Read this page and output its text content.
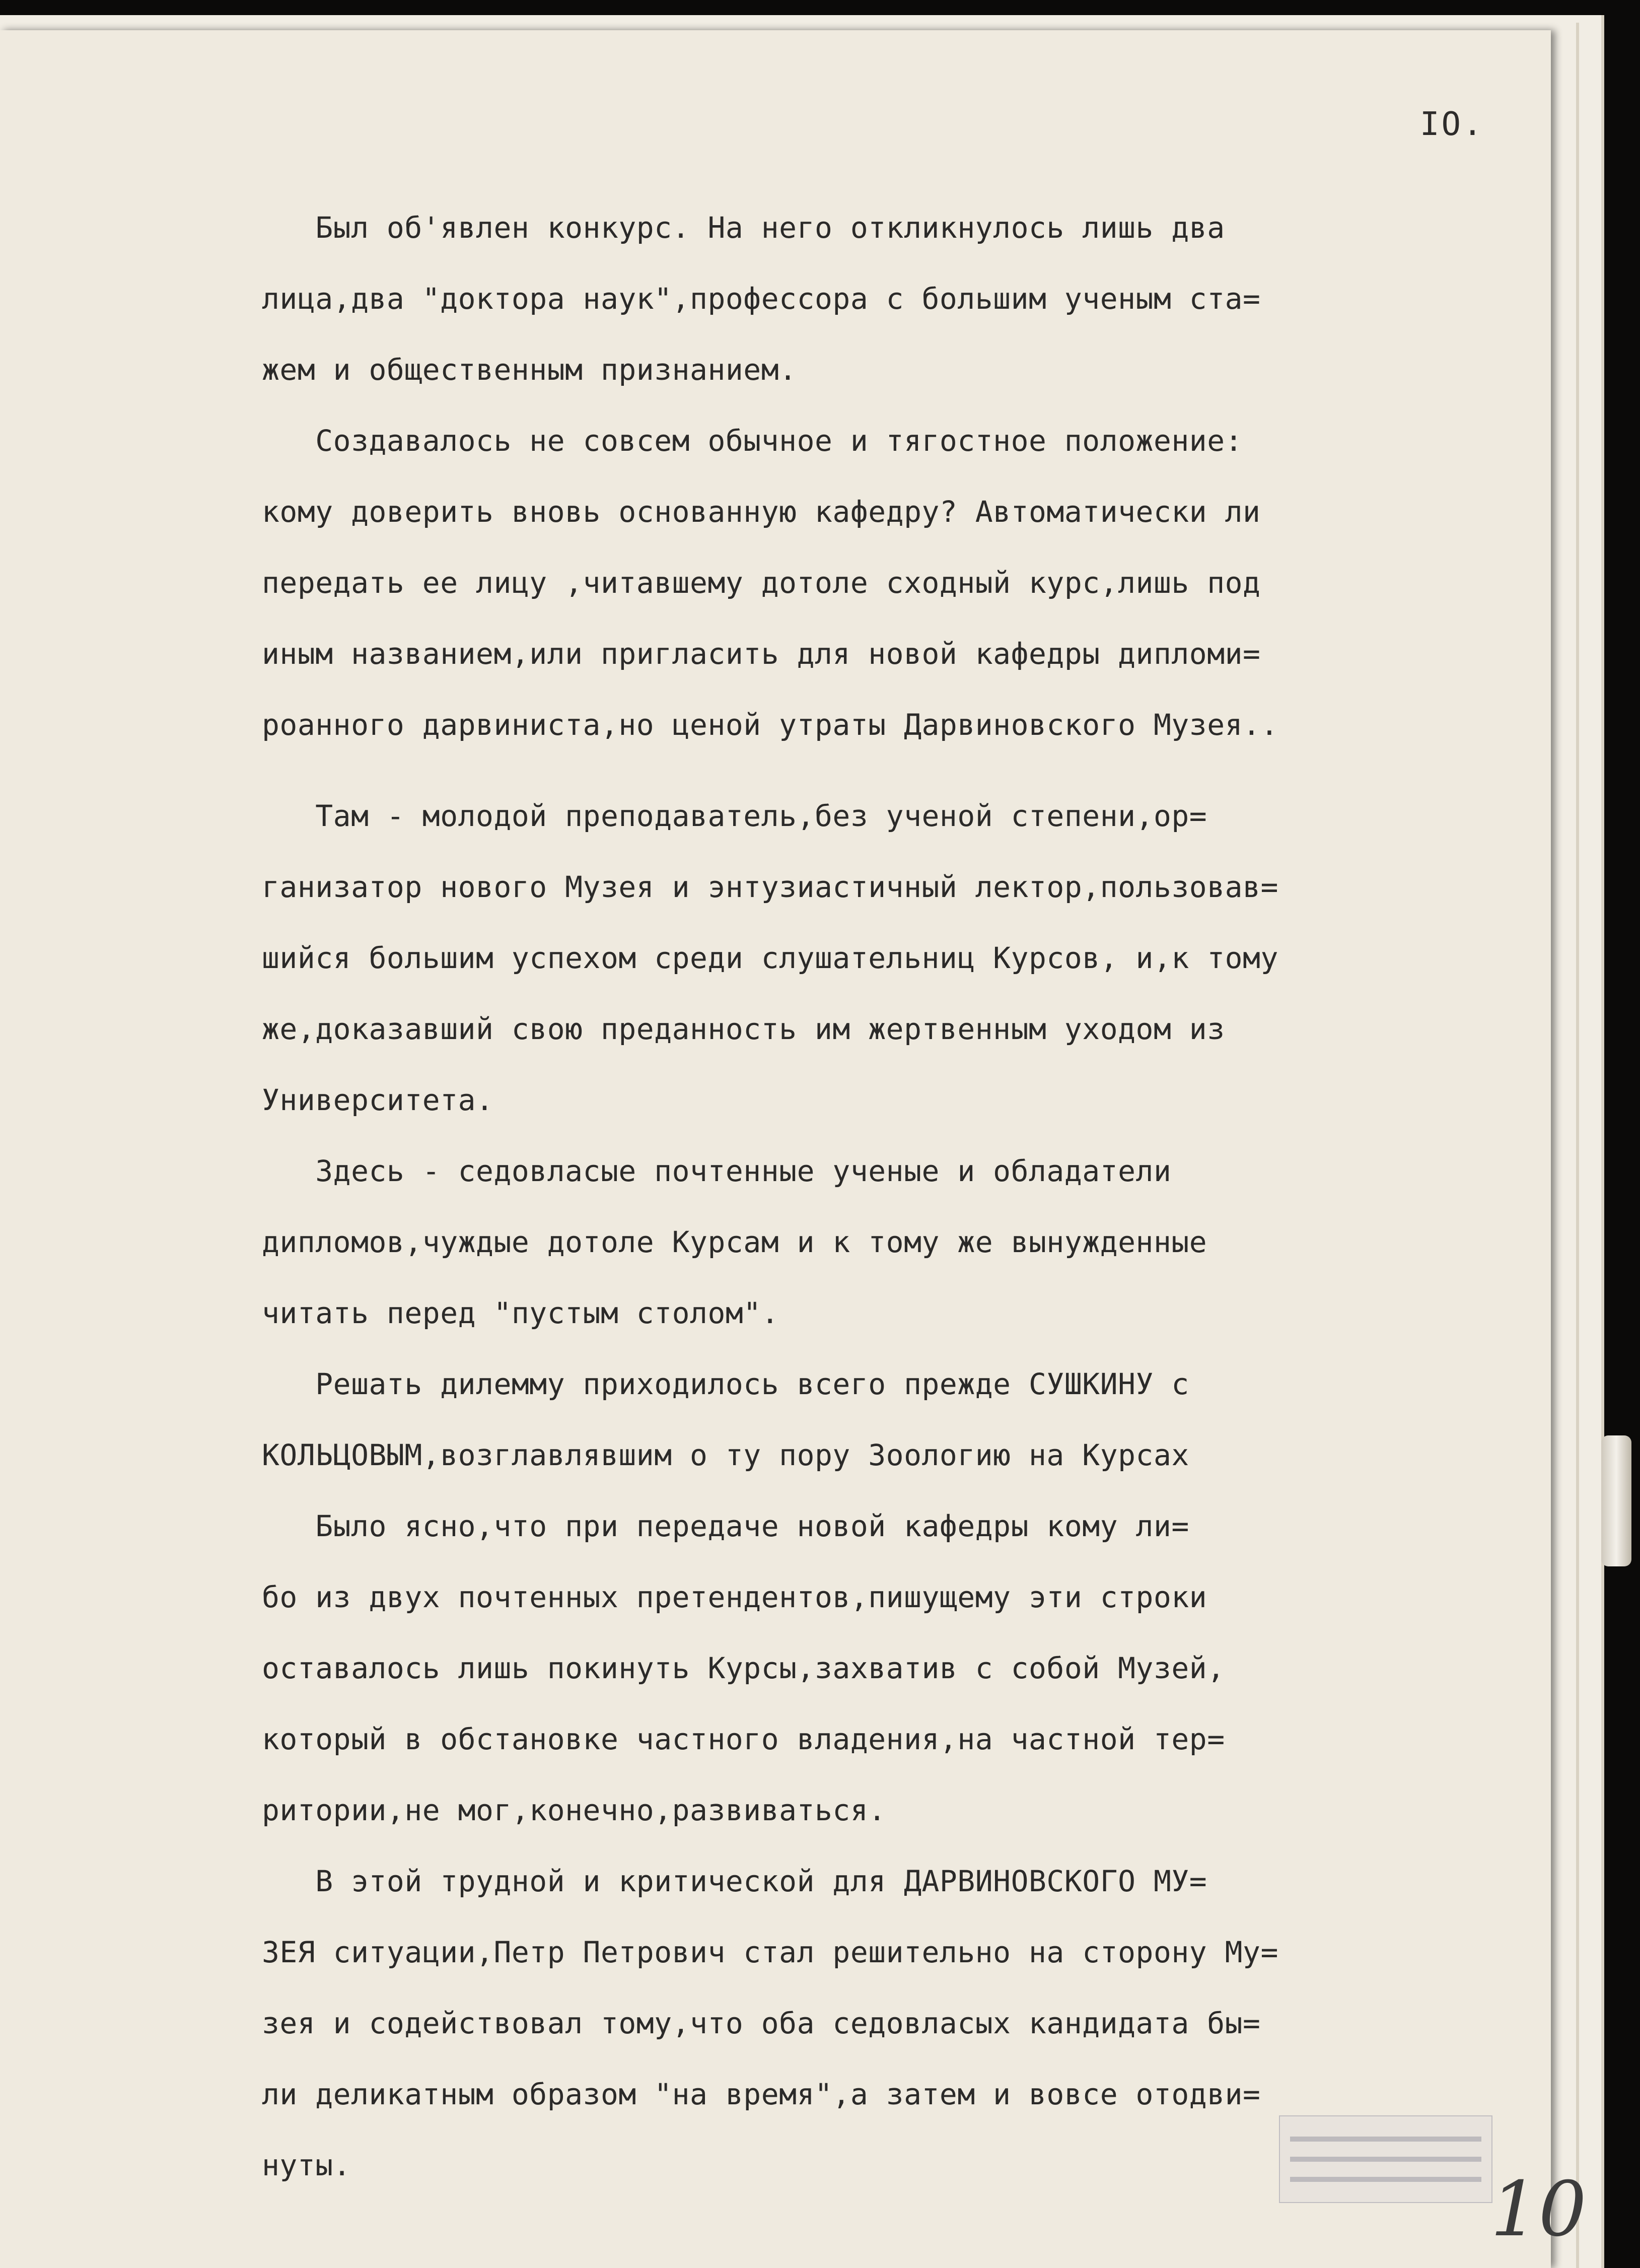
IO.
Был об'явлен конкурс. На него откликнулось лишь два
лица,два "доктора наук",профессора с большим ученым ста=
жем и общественным признанием.
Создавалось не совсем обычное и тягостное положение:
кому доверить вновь основанную кафедру? Автоматически ли
передать ее лицу ,читавшему дотоле сходный курс,лишь под
иным названием,или пригласить для новой кафедры дипломи=
роанного дарвиниста,но ценой утраты Дарвиновского Музея..
Там - молодой преподаватель,без ученой степени,ор=
ганизатор нового Музея и энтузиастичный лектор,пользовав=
шийся большим успехом среди слушательниц Курсов, и,к тому
же,доказавший свою преданность им жертвенным уходом из
Университета.
Здесь - седовласые почтенные ученые и обладатели
дипломов,чуждые дотоле Курсам и к тому же вынужденные
читать перед "пустым столом".
Решать дилемму приходилось всего прежде СУШКИНУ с
КОЛЬЦОВЫМ,возглавлявшим о ту пору Зоологию на Курсах
Было ясно,что при передаче новой кафедры кому ли=
бо из двух почтенных претендентов,пишущему эти строки
оставалось лишь покинуть Курсы,захватив с собой Музей,
который в обстановке частного владения,на частной тер=
ритории,не мог,конечно,развиваться.
В этой трудной и критической для ДАРВИНОВСКОГО МУ=
ЗЕЯ ситуации,Петр Петрович стал решительно на сторону Му=
зея и содействовал тому,что оба седовласых кандидата бы=
ли деликатным образом "на время",а затем и вовсе отодви=
нуты.
10
